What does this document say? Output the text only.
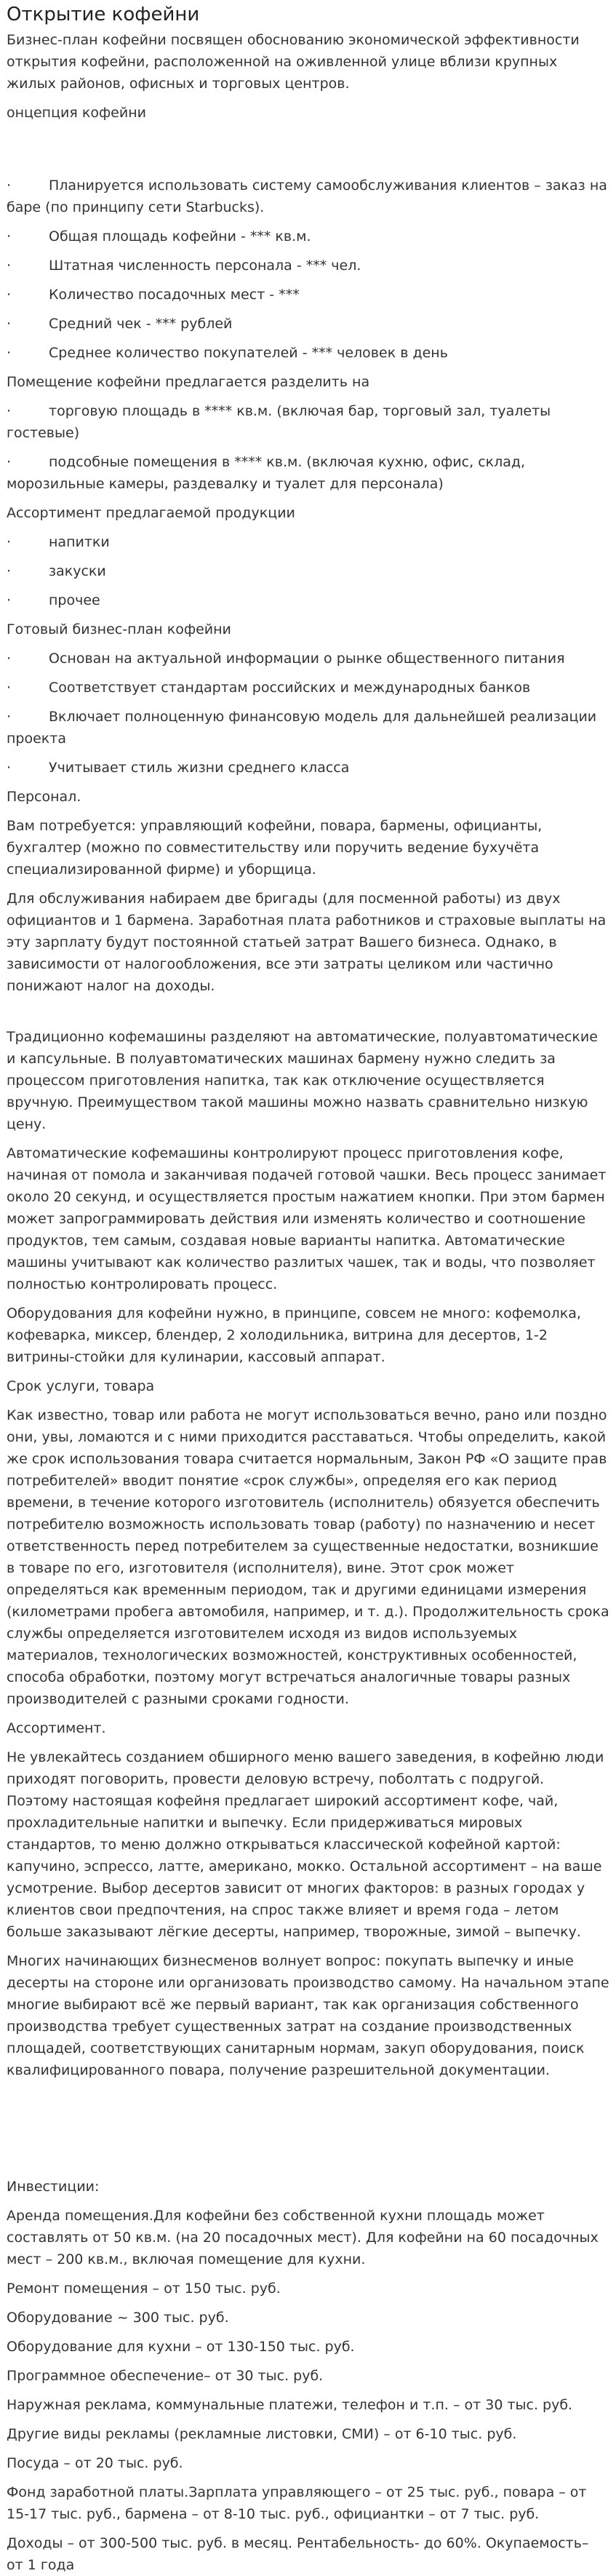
Открытие кофейни

Бизнес-план кофейни посвящен обоснованию экономической эффективности открытия кофейни, расположенной на оживленной улице вблизи крупных жилых районов, офисных и торговых центров.

онцепция кофейни

·	Планируется использовать систему самообслуживания клиентов – заказ на баре (по принципу сети Starbucks).
·	Общая площадь кофейни - *** кв.м.
·	Штатная численность персонала - *** чел.
·	Количество посадочных мест - ***
·	Средний чек - *** рублей
·	Среднее количество покупателей - *** человек в день

Помещение кофейни предлагается разделить на

·	торговую площадь в **** кв.м. (включая бар, торговый зал, туалеты гостевые)
·	подсобные помещения в **** кв.м. (включая кухню, офис, склад, морозильные камеры, раздевалку и туалет для персонала)

Ассортимент предлагаемой продукции

·	напитки
·	закуски
·	прочее

Готовый бизнес-план кофейни

·	Основан на актуальной информации о рынке общественного питания
·	Соответствует стандартам российских и международных банков
·	Включает полноценную финансовую модель для дальнейшей реализации проекта
·	Учитывает стиль жизни среднего класса

Персонал.

Вам потребуется: управляющий кофейни, повара, бармены, официанты, бухгалтер (можно по совместительству или поручить ведение бухучёта специализированной фирме) и уборщица.

Для обслуживания набираем две бригады (для посменной работы) из двух официантов и 1 бармена. Заработная плата работников и страховые выплаты на эту зарплату будут постоянной статьей затрат Вашего бизнеса. Однако, в зависимости от налогообложения, все эти затраты целиком или частично понижают налог на доходы.

Традиционно кофемашины разделяют на автоматические, полуавтоматические и капсульные. В полуавтоматических машинах бармену нужно следить за процессом приготовления напитка, так как отключение осуществляется вручную. Преимуществом такой машины можно назвать сравнительно низкую цену.

Автоматические кофемашины контролируют процесс приготовления кофе, начиная от помола и заканчивая подачей готовой чашки. Весь процесс занимает около 20 секунд, и осуществляется простым нажатием кнопки. При этом бармен может запрограммировать действия или изменять количество и соотношение продуктов, тем самым, создавая новые варианты напитка. Автоматические машины учитывают как количество разлитых чашек, так и воды, что позволяет полностью контролировать процесс.

Оборудования для кофейни нужно, в принципе, совсем не много: кофемолка, кофеварка, миксер, блендер, 2 холодильника, витрина для десертов, 1-2 витрины-стойки для кулинарии, кассовый аппарат.

Срок услуги, товара

Как известно, товар или работа не могут использоваться вечно, рано или поздно они, увы, ломаются и с ними приходится расставаться. Чтобы определить, какой же срок использования товара считается нормальным, Закон РФ «О защите прав потребителей» вводит понятие «срок службы», определяя его как период времени, в течение которого изготовитель (исполнитель) обязуется обеспечить потребителю возможность использовать товар (работу) по назначению и несет ответственность перед потребителем за существенные недостатки, возникшие в товаре по его, изготовителя (исполнителя), вине. Этот срок может определяться как временным периодом, так и другими единицами измерения (километрами пробега автомобиля, например, и т. д.). Продолжительность срока службы определяется изготовителем исходя из видов используемых материалов, технологических возможностей, конструктивных особенностей, способа обработки, поэтому могут встречаться аналогичные товары разных производителей с разными сроками годности.

Ассортимент.

Не увлекайтесь созданием обширного меню вашего заведения, в кофейню люди приходят поговорить, провести деловую встречу, поболтать с подругой. Поэтому настоящая кофейня предлагает широкий ассортимент кофе, чай, прохладительные напитки и выпечку. Если придерживаться мировых стандартов, то меню должно открываться классической кофейной картой: капучино, эспрессо, латте, американо, мокко. Остальной ассортимент – на ваше усмотрение. Выбор десертов зависит от многих факторов: в разных городах у клиентов свои предпочтения, на спрос также влияет и время года – летом больше заказывают лёгкие десерты, например, творожные, зимой – выпечку.

Многих начинающих бизнесменов волнует вопрос: покупать выпечку и иные десерты на стороне или организовать производство самому. На начальном этапе многие выбирают всё же первый вариант, так как организация собственного производства требует существенных затрат на создание производственных площадей, соответствующих санитарным нормам, закуп оборудования, поиск квалифицированного повара, получение разрешительной документации.

Инвестиции:

Аренда помещения.Для кофейни без собственной кухни площадь может составлять от 50 кв.м. (на 20 посадочных мест). Для кофейни на 60 посадочных мест – 200 кв.м., включая помещение для кухни.

Ремонт помещения – от 150 тыс. руб.

Оборудование ~ 300 тыс. руб.

Оборудование для кухни – от 130-150 тыс. руб.

Программное обеспечение– от 30 тыс. руб.

Наружная реклама, коммунальные платежи, телефон и т.п. – от 30 тыс. руб.

Другие виды рекламы (рекламные листовки, СМИ) – от 6-10 тыс. руб.

Посуда – от 20 тыс. руб.

Фонд заработной платы.Зарплата управляющего – от 25 тыс. руб., повара – от 15-17 тыс. руб., бармена – от 8-10 тыс. руб., официантки – от 7 тыс. руб.

Доходы – от 300-500 тыс. руб. в месяц. Рентабельность- до 60%. Окупаемость– от 1 года
